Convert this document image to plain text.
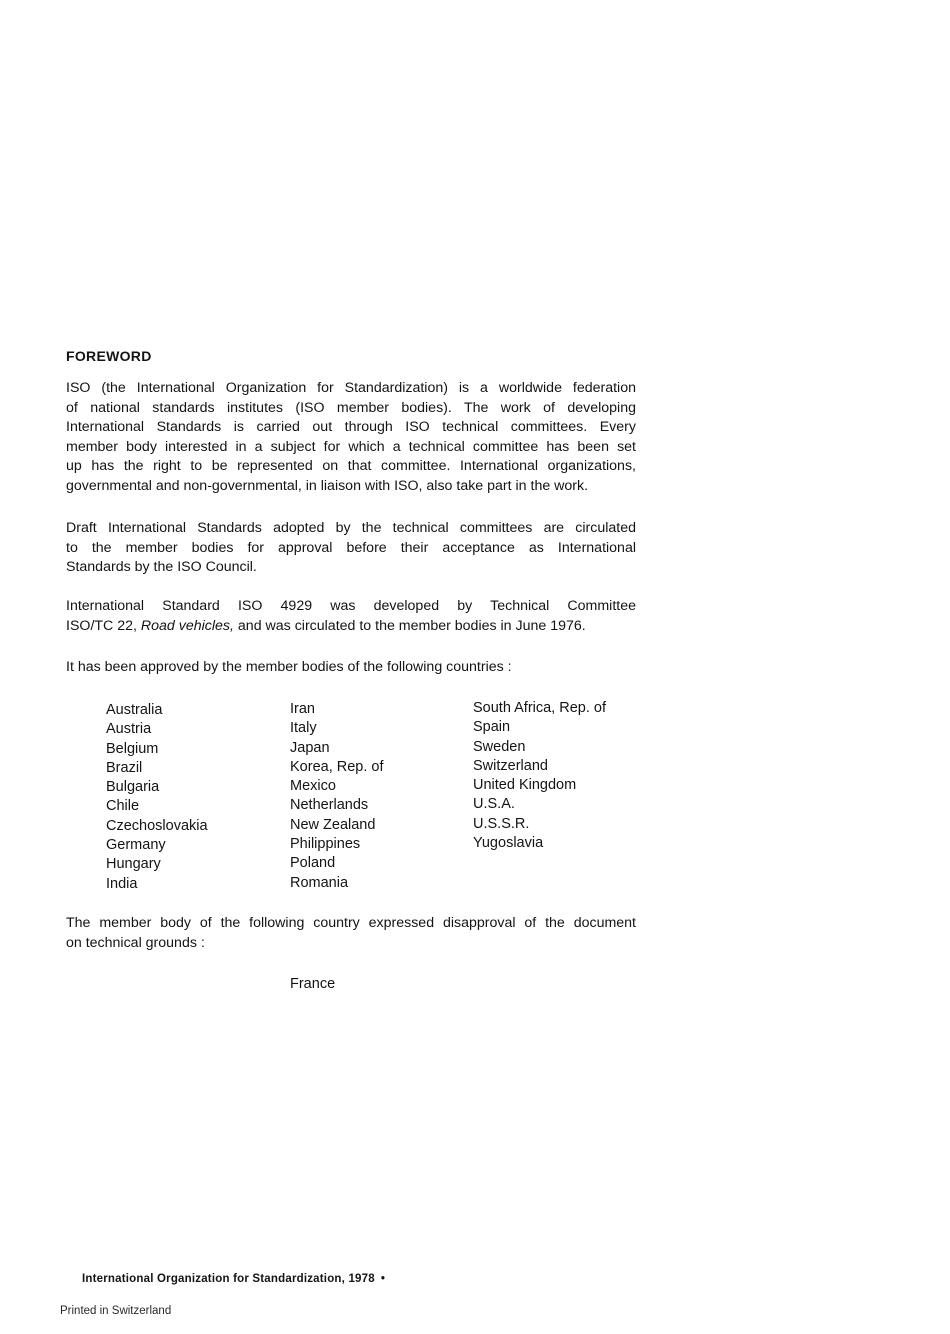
FOREWORD
ISO (the International Organization for Standardization) is a worldwide federation
of national standards institutes (ISO member bodies). The work of developing
International Standards is carried out through ISO technical committees. Every
member body interested in a subject for which a technical committee has been set
up has the right to be represented on that committee. International organizations,
governmental and non-governmental, in liaison with ISO, also take part in the work.
Draft International Standards adopted by the technical committees are circulated
to the member bodies for approval before their acceptance as International
Standards by the ISO Council.
International Standard ISO 4929 was developed by Technical Committee
ISO/TC 22, Road vehicles, and was circulated to the member bodies in June 1976.
It has been approved by the member bodies of the following countries :
Australia
Austria
Belgium
Brazil
Bulgaria
Chile
Czechoslovakia
Germany
Hungary
India
Iran
Italy
Japan
Korea, Rep. of
Mexico
Netherlands
New Zealand
Philippines
Poland
Romania
South Africa, Rep. of
Spain
Sweden
Switzerland
United Kingdom
U.S.A.
U.S.S.R.
Yugoslavia
The member body of the following country expressed disapproval of the document
on technical grounds :
France
International Organization for Standardization, 1978 •
Printed in Switzerland
